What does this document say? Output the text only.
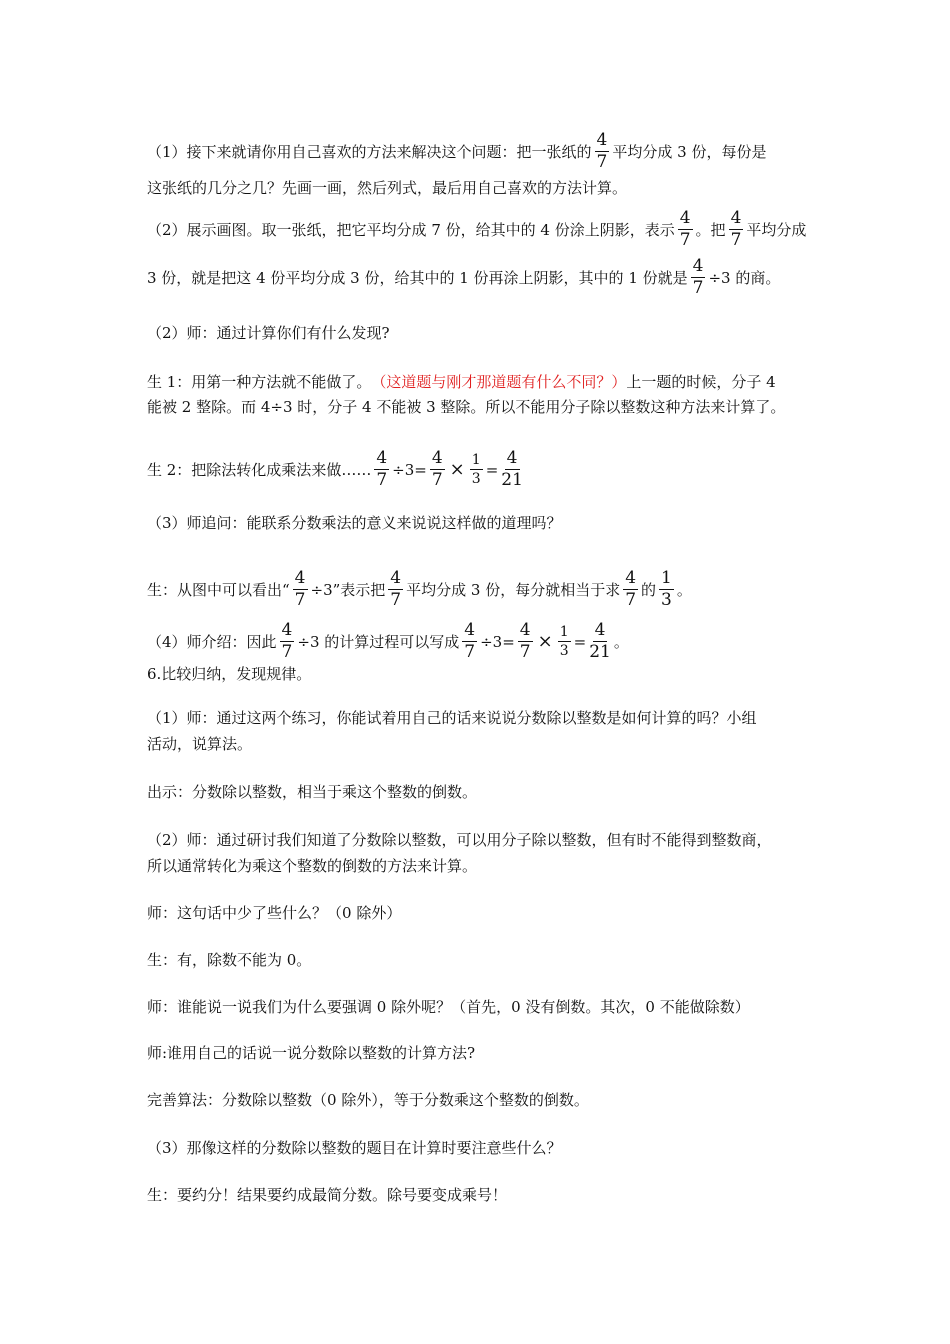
（1）接下来就请你用自己喜欢的方法来解决这个问题：把一张纸的 $\frac{4}{7}$ 平均分成 3 份，每份是
这张纸的几分之几？先画一画，然后列式，最后用自己喜欢的方法计算。
（2）展示画图。取一张纸，把它平均分成 7 份，给其中的 4 份涂上阴影，表示 $\frac{4}{7}$ 。把 $\frac{4}{7}$ 平均分成
3 份，就是把这 4 份平均分成 3 份，给其中的 1 份再涂上阴影，其中的 1 份就是 $\frac{4}{7} \div 3$ 的商。
（2）师：通过计算你们有什么发现?
生 1：用第一种方法就不能做了。 （这道题与刚才那道题有什么不同？） 上一题的时候，分子 4
能被 2 整除。而 4÷3 时，分子 4 不能被 3 整除。所以不能用分子除以整数这种方法来计算了。
生 2：把除法转化成乘法来做…… $\frac{4}{7} \div 3= \frac{4}{7} \times \frac{1}{3} = \frac{4}{21}$
（3）师追问：能联系分数乘法的意义来说说这样做的道理吗？
生：从图中可以看出“ $\frac{4}{7} \div 3$”表示把 $\frac{4}{7}$ 平均分成 3 份，每分就相当于求 $\frac{4}{7}$ 的 $\frac{1}{3}$ 。
（4）师介绍：因此 $\frac{4}{7} \div 3$ 的计算过程可以写成 $\frac{4}{7} \div 3= \frac{4}{7} \times \frac{1}{3} = \frac{4}{21}$ 。
6.比较归纳，发现规律。
（1）师：通过这两个练习，你能试着用自己的话来说说分数除以整数是如何计算的吗？小组
活动，说算法。
出示：分数除以整数，相当于乘这个整数的倒数。
（2）师：通过研讨我们知道了分数除以整数，可以用分子除以整数，但有时不能得到整数商，
所以通常转化为乘这个整数的倒数的方法来计算。
师：这句话中少了些什么？（0 除外）
生：有，除数不能为 0。
师：谁能说一说我们为什么要强调 0 除外呢？（首先，0 没有倒数。其次，0 不能做除数）
师:谁用自己的话说一说分数除以整数的计算方法?
完善算法：分数除以整数（0 除外），等于分数乘这个整数的倒数。
（3）那像这样的分数除以整数的题目在计算时要注意些什么？
生：要约分！结果要约成最简分数。除号要变成乘号！
